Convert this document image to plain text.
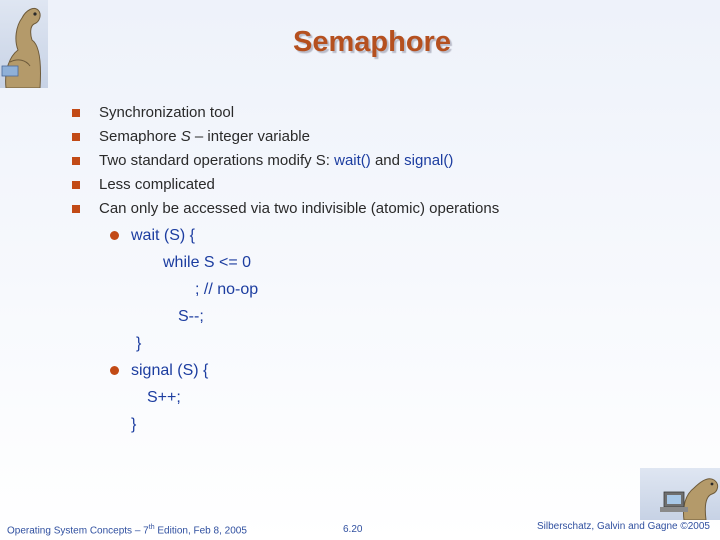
Semaphore
Synchronization tool
Semaphore S – integer variable
Two standard operations modify S: wait() and signal()
Less complicated
Can only be accessed via two indivisible (atomic) operations
wait (S) {
while S <= 0
; // no-op
S--;
}
signal (S) {
S++;
}
Operating System Concepts – 7th Edition, Feb 8, 2005	6.20	Silberschatz, Galvin and Gagne ©2005
